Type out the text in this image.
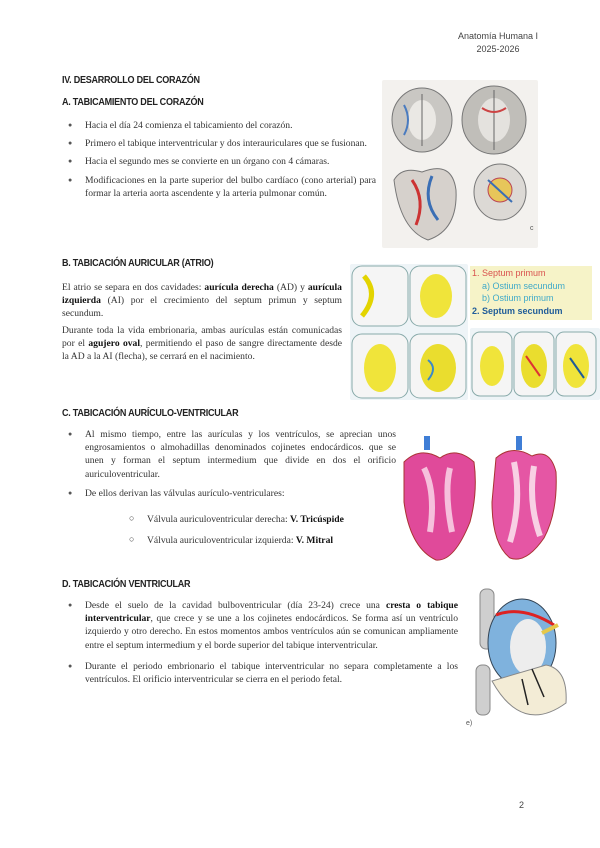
Anatomía Humana I
2025-2026
IV. DESARROLLO DEL CORAZÓN
A. TABICAMIENTO DEL CORAZÓN
● Hacia el día 24 comienza el tabicamiento del corazón.
● Primero el tabique interventricular y dos interauriculares que se fusionan.
● Hacia el segundo mes se convierte en un órgano con 4 cámaras.
● Modificaciones en la parte superior del bulbo cardíaco (cono arterial) para formar la arteria aorta ascendente y la arteria pulmonar común.
c
B. TABICACIÓN AURICULAR (ATRIO)
El atrio se separa en dos cavidades: aurícula derecha (AD) y aurícula izquierda (AI) por el crecimiento del septum primun y septum secundum.
Durante toda la vida embrionaria, ambas aurículas están comunicadas por el agujero oval, permitiendo el paso de sangre directamente desde la AD a la AI (flecha), se cerrará en el nacimiento.
1. Septum primum
a) Ostium secundum
b) Ostium primum
2. Septum secundum
C. TABICACIÓN AURÍCULO-VENTRICULAR
● Al mismo tiempo, entre las aurículas y los ventrículos, se aprecian unos engrosamientos o almohadillas denominados cojinetes endocárdicos. que se unen y forman el septum intermedium que divide en dos el orificio auriculoventricular.
● De ellos derivan las válvulas aurículo-ventriculares:
○ Válvula auriculoventricular derecha: V. Tricúspide
○ Válvula auriculoventricular izquierda: V. Mitral
D. TABICACIÓN VENTRICULAR
● Desde el suelo de la cavidad bulboventricular (día 23-24) crece una cresta o tabique interventricular, que crece y se une a los cojinetes endocárdicos. Se forma así un ventrículo izquierdo y otro derecho. En estos momentos ambos ventrículos aún se comunican ampliamente entre el septum intermedium y el borde superior del tabique interventricular.
● Durante el periodo embrionario el tabique interventricular no separa completamente a los ventrículos. El orificio interventricular se cierra en el periodo fetal.
e)
2
